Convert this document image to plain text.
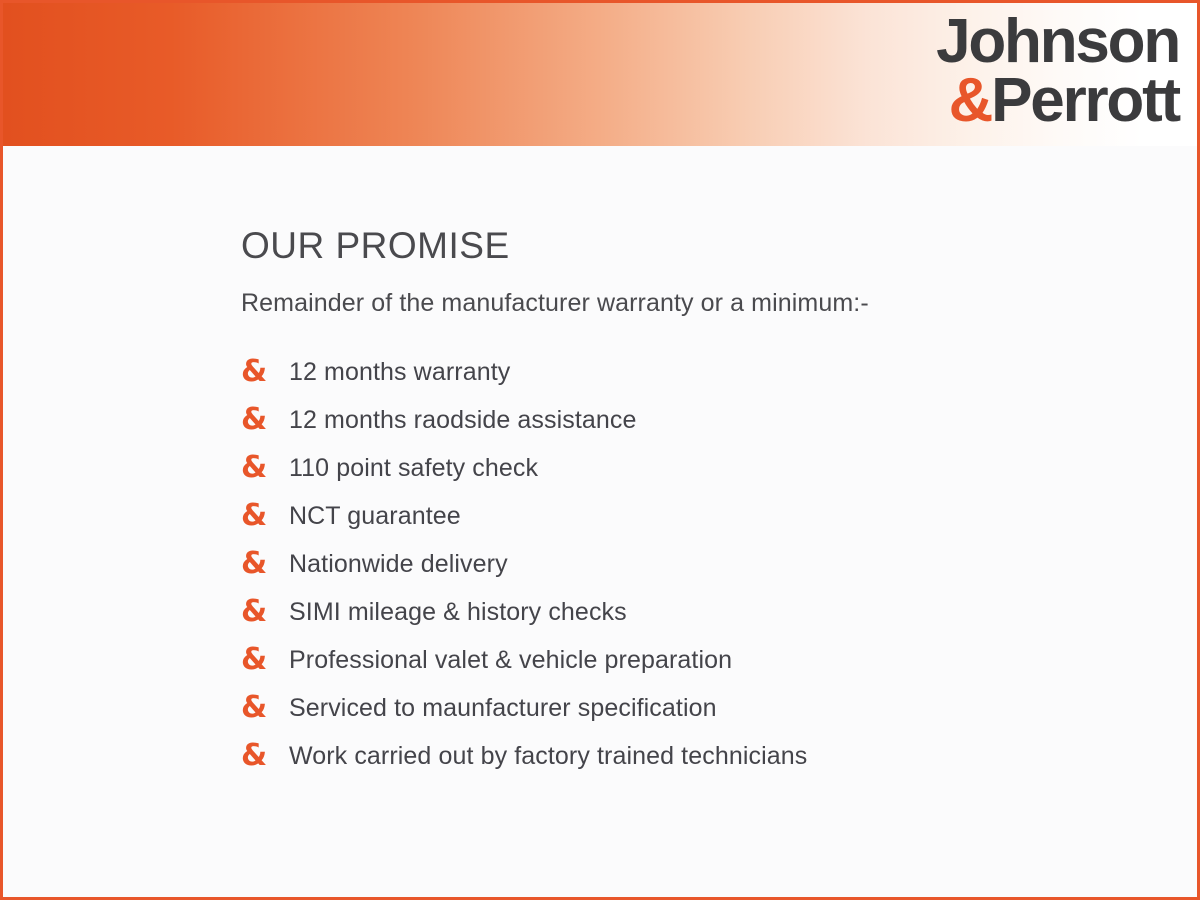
Johnson
&Perrott
OUR PROMISE

Remainder of the manufacturer warranty or a minimum:-

& 12 months warranty
& 12 months raodside assistance
& 110 point safety check
& NCT guarantee
& Nationwide delivery
& SIMI mileage & history checks
& Professional valet & vehicle preparation
& Serviced to maunfacturer specification
& Work carried out by factory trained technicians
